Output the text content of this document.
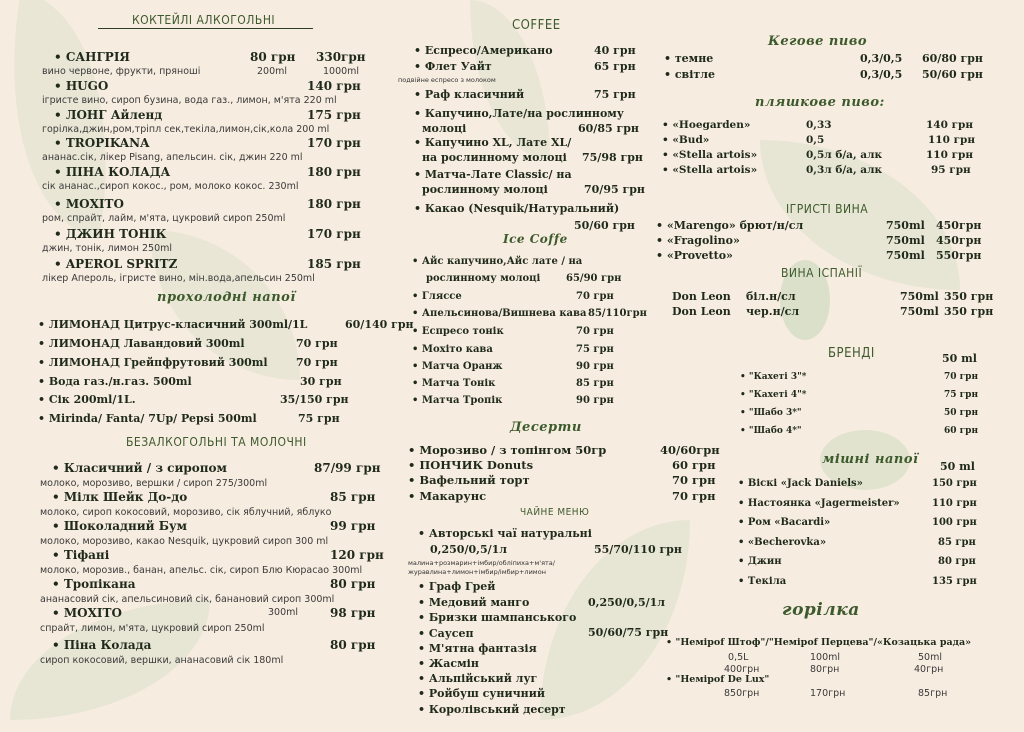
КОКТЕЙЛІ АЛКОГОЛЬНІ
• САНГРІЯ	80 грн 330грн
вино червоне, фрукти, пряноші	200ml	1000ml
• HUGO	140 грн
ігристе вино, сироп бузина, вода газ., лимон, м'ята 220 ml
• ЛОНГ Айленд	175 грн
горілка,джин,ром,тріпл сек,текіла,лимон,сік,кола 200 ml
• TROPIKANA	170 грн
ананас.сік, лікер Pisang, апельсин. сік, джин 220 ml
• ПІНА КОЛАДА	180 грн
сік ананас.,сироп кокос., ром, молоко кокос. 230ml
• МОХІТО	180 грн
ром, спрайт, лайм, м'ята, цукровий сироп 250ml
• ДЖИН ТОНІК	170 грн
джин, тонік, лимон 250ml
• APEROL SPRITZ	185 грн
лікер Апероль, ігристе вино, мін.вода,апельсин 250ml
прохолодні напої
• ЛИМОНАД Цитрус-класичний 300ml/1L	60/140 грн
• ЛИМОНАД Лавандовий 300ml	70 грн
• ЛИМОНАД Грейпфрутовий 300ml	70 грн
• Вода газ./н.газ. 500ml	30 грн
• Сік 200ml/1L.	35/150 грн
• Mirinda/ Fanta/ 7Up/ Pepsi 500ml	75 грн
БЕЗАЛКОГОЛЬНІ ТА МОЛОЧНІ
• Класичний / з сиропом	87/99 грн
молоко, морозиво, вершки / сироп 275/300ml
• Мілк Шейк До-до	85 грн
молоко, сироп кокосовий, морозиво, сік яблучний, яблуко
• Шоколадний Бум	99 грн
молоко, морозиво, какао Nesquik, цукровий сироп 300 ml
• Тіфані	120 грн
молоко, морозив., банан, апельс. сік, сироп Блю Кюрасао 300ml
• Тропікана	80 грн
ананасовий сік, апельсиновий сік, банановий сироп 300ml
• МОХІТО	98 грн
300ml
спрайт, лимон, м'ята, цукровий сироп 250ml
• Піна Колада	80 грн
сироп кокосовий, вершки, ананасовий сік 180ml
COFFEE
• Еспресо/Американо	40 грн
• Флет Уайт	65 грн
подвійне еспресо з молоком
• Раф класичний	75 грн
• Капучино,Лате/на рослинному
молоці	60/85 грн
• Капучино XL, Лате XL/
на рослинному молоці 75/98 грн
• Матча-Лате Classic/ на
рослинному молоці	70/95 грн
• Какао (Nesquik/Натуральний)
50/60 грн
Ice Coffe
• Айс капучино,Айс лате / на
рослинному молоці	65/90 грн
• Гляссе	70 грн
• Апельсинова/Вишнева кава 85/110грн
• Еспресо тонік	70 грн
• Мохіто кава	75 грн
• Матча Оранж	90 грн
• Матча Тонік	85 грн
• Матча Тропік	90 грн
Десерти
• Морозиво / з топінгом 50гр	40/60грн
• ПОНЧИК Donuts	60 грн
• Вафельний торт	70 грн
• Макарунс	70 грн
ЧАЙНЕ МЕНЮ
• Авторські чаї натуральні
0,250/0,5/1л	55/70/110 грн
малина+розмарин+імбир/обліпиха+м'ята/
журавлина+лимон+імбир/імбир+лимон
• Граф Грей
• Медовий манго
• Бризки шампанського
• Саусеп
• М'ятна фантазія
• Жасмін
• Альпійський луг
• Ройбуш суничний
• Королівський десерт
0,250/0,5/1л
50/60/75 грн
Кегове пиво
• темне	0,3/0,5 60/80 грн
• світле	0,3/0,5 50/60 грн
пляшкове пиво:
• «Hoegarden»	0,33	140 грн
• «Bud»	0,5	110 грн
• «Stella artois»	0,5л б/а, алк	110 грн
• «Stella artois»	0,3л б/а, алк	95 грн
ІГРИСТІ ВИНА
• «Marengo» брют/н/сл	750ml 450грн
• «Fragolino»	750ml 450грн
• «Provetto»	750ml 550грн
ВИНА ІСПАНІЇ
Don Leon біл.н/сл	750ml 350 грн
Don Leon чер.н/сл	750ml 350 грн
БРЕНДІ	50 ml
• "Кахеті 3"*	70 грн
• "Кахеті 4"*	75 грн
• "Шабо 3*"	50 грн
• "Шабо 4*"	60 грн
мішні напої 50 ml
• Віскі «Jack Daniels»	150 грн
• Настоянка «Jagermeister»	110 грн
• Ром «Bacardi»	100 грн
• «Becherovka»	85 грн
• Джин	80 грн
• Текіла	135 грн
горілка
• "Немірof Штоф"/"Немірof Перцева"/«Козацька рада»
0,5L	100ml	50ml
400грн	80грн	40грн
• "Немірof De Lux"
850грн	170грн	85грн
